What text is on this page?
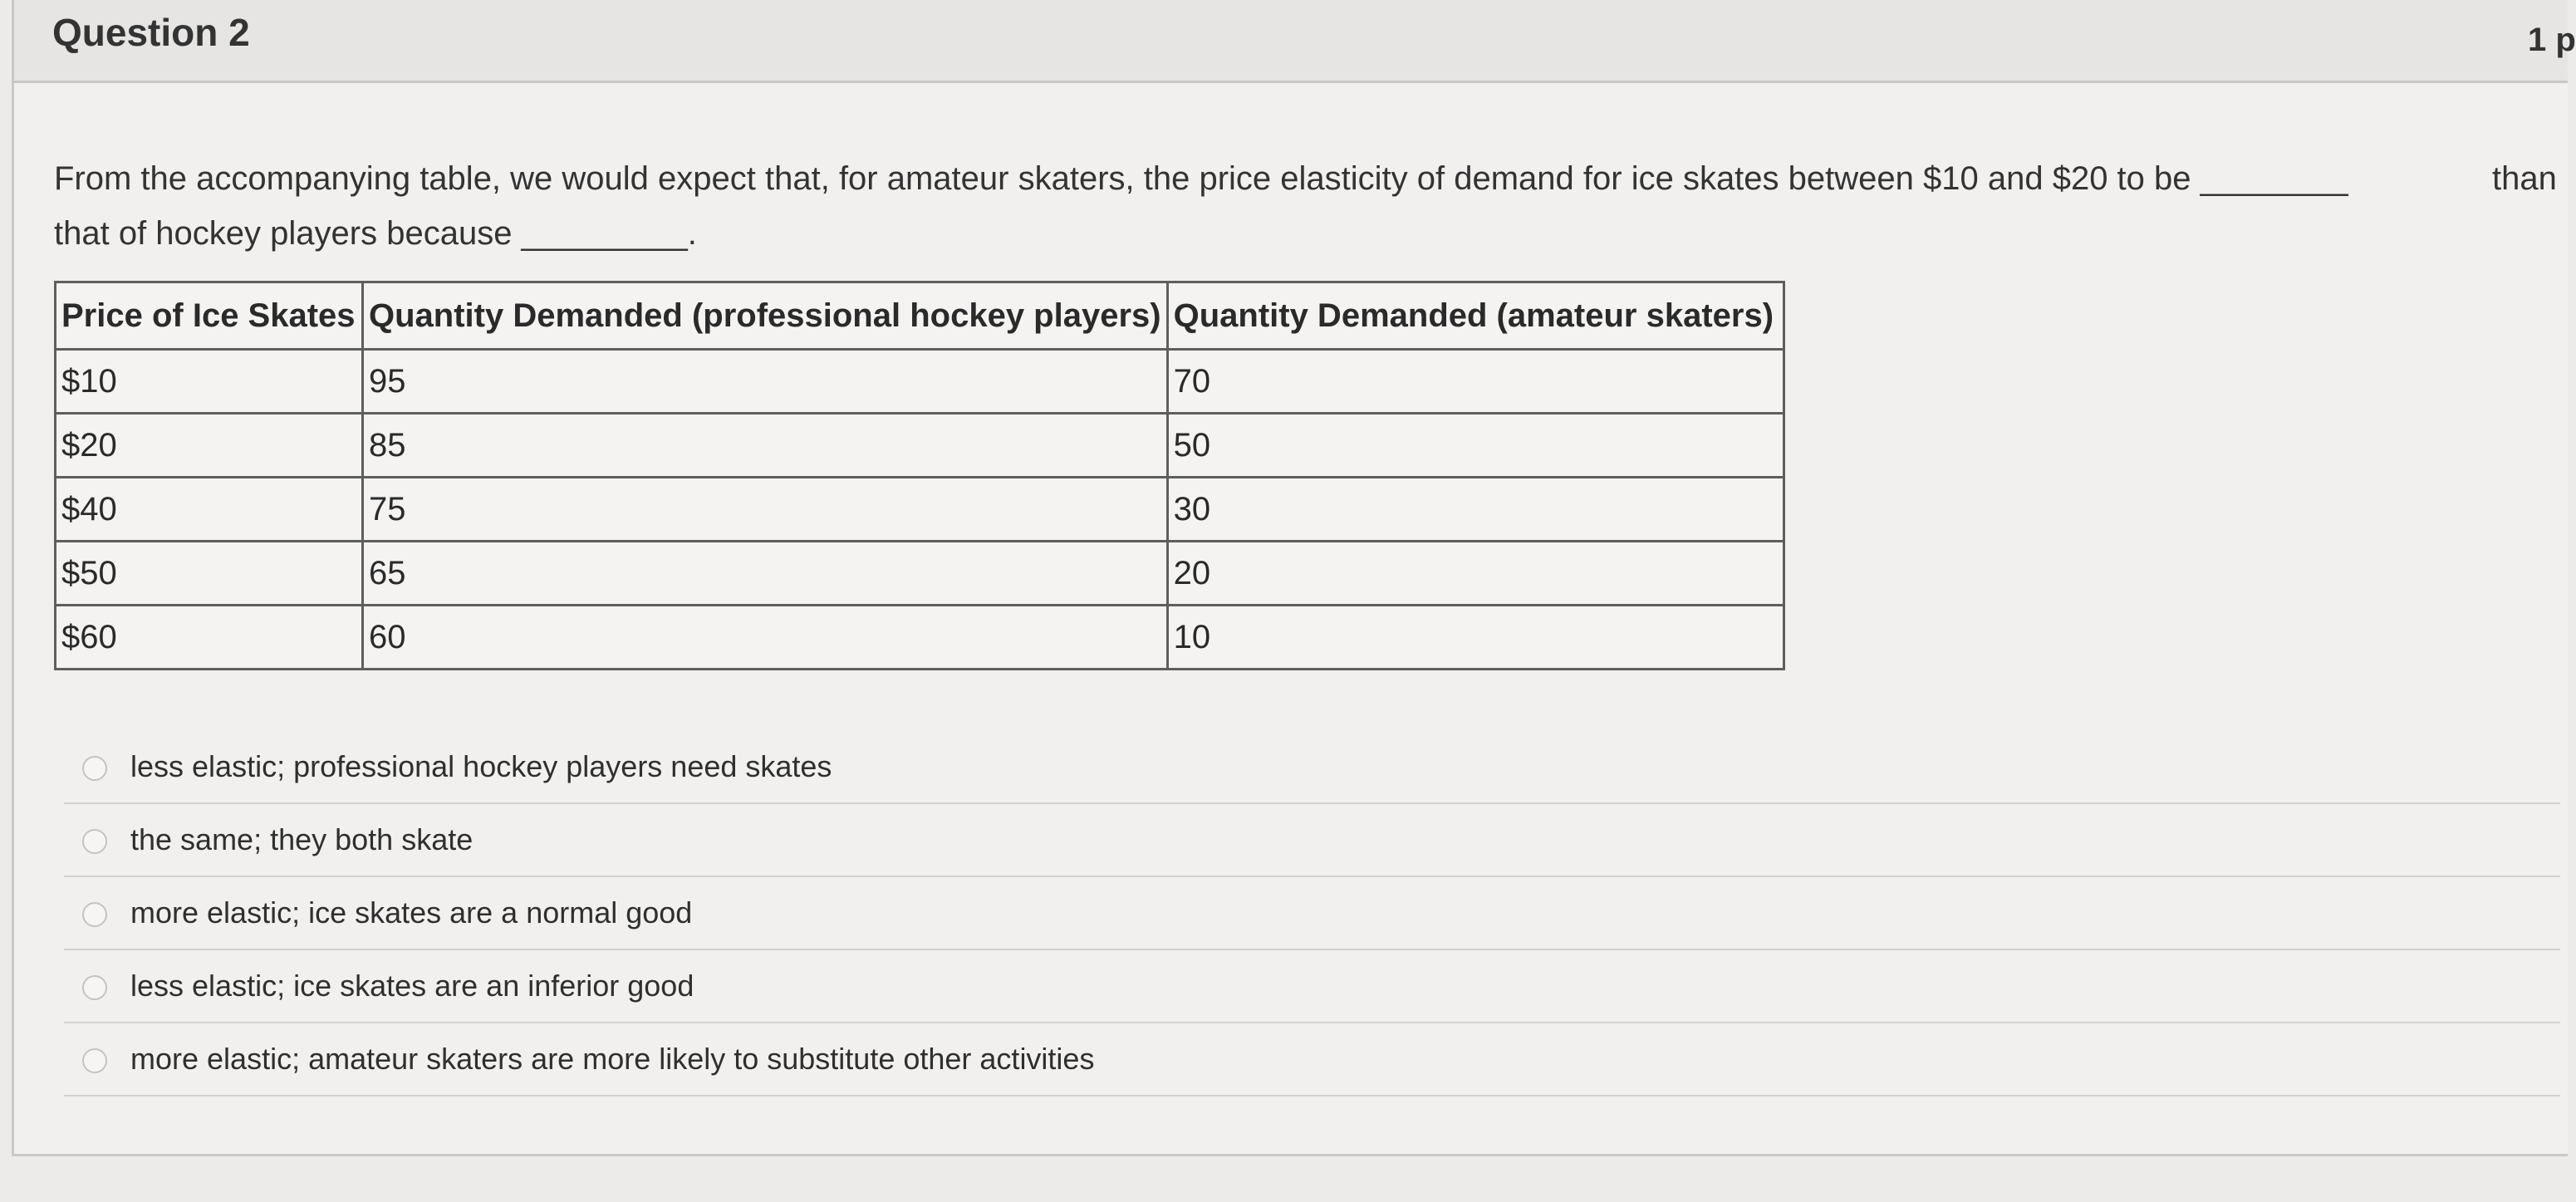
Question 2	1 p
From the accompanying table, we would expect that, for amateur skaters, the price elasticity of demand for ice skates between $10 and $20 to be ________	than
that of hockey players because _________.
Price of Ice Skates	Quantity Demanded (professional hockey players)	Quantity Demanded (amateur skaters)
$10	95	70
$20	85	50
$40	75	30
$50	65	20
$60	60	10
less elastic; professional hockey players need skates
the same; they both skate
more elastic; ice skates are a normal good
less elastic; ice skates are an inferior good
more elastic; amateur skaters are more likely to substitute other activities
